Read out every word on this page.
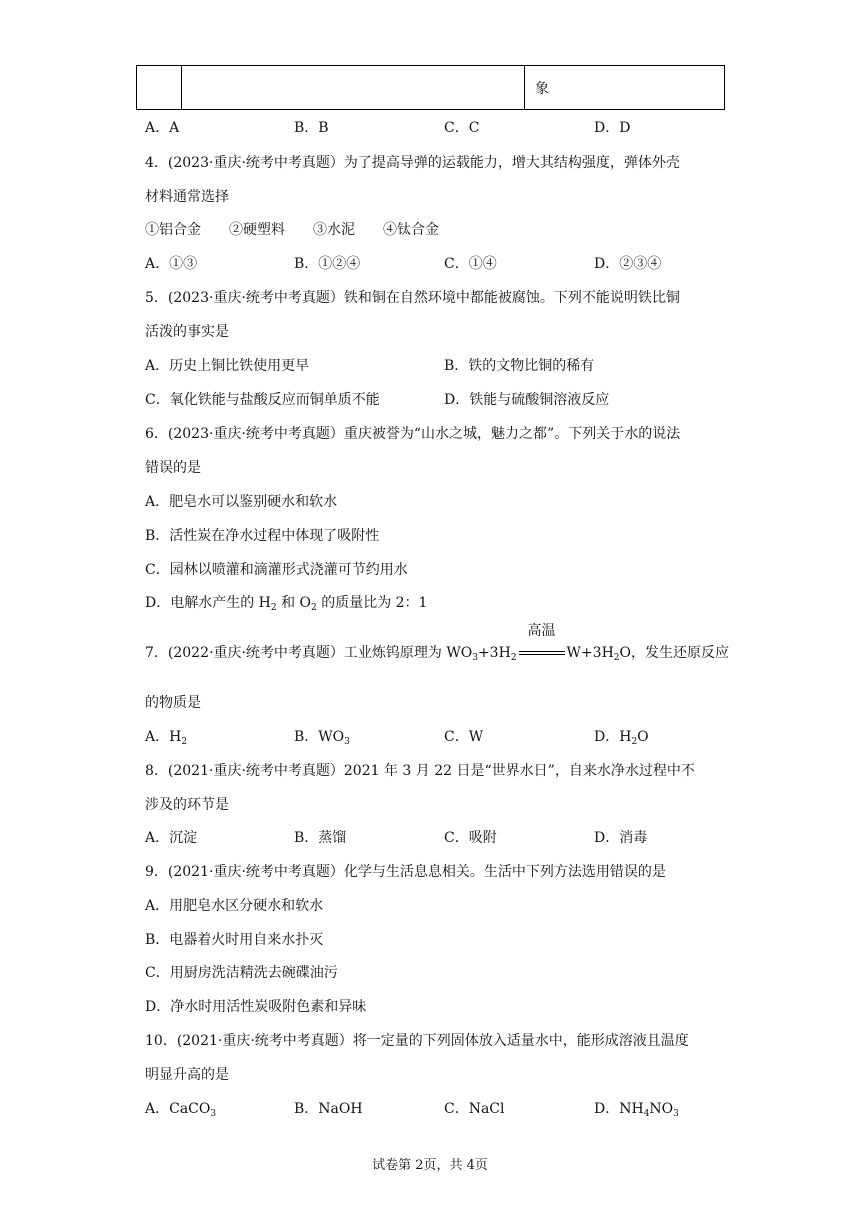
		象
A．A	B．B	C．C	D．D
4．(2023·重庆·统考中考真题）为了提高导弹的运载能力，增大其结构强度，弹体外壳
材料通常选择
①铝合金　　②硬塑料　　③水泥　　④钛合金
A．①③	B．①②④	C．①④	D．②③④
5．(2023·重庆·统考中考真题）铁和铜在自然环境中都能被腐蚀。下列不能说明铁比铜
活泼的事实是
A．历史上铜比铁使用更早	B．铁的文物比铜的稀有
C．氧化铁能与盐酸反应而铜单质不能	D．铁能与硫酸铜溶液反应
6．(2023·重庆·统考中考真题）重庆被誉为“山水之城，魅力之都”。下列关于水的说法
错误的是
A．肥皂水可以鉴别硬水和软水
B．活性炭在净水过程中体现了吸附性
C．园林以喷灌和滴灌形式浇灌可节约用水
D．电解水产生的 $H_2$ 和 $O_2$ 的质量比为 2：1
7．(2022·重庆·统考中考真题）工业炼钨原理为 $WO_3+3H_2$
高温
$W+3H_2O$，发生还原反应
的物质是
A．$H_2$	B．$WO_3$	C．W	D．$H_2O$
8．(2021·重庆·统考中考真题）2021 年 3 月 22 日是“世界水日”，自来水净水过程中不
涉及的环节是
A．沉淀	B．蒸馏	C．吸附	D．消毒
9．(2021·重庆·统考中考真题）化学与生活息息相关。生活中下列方法选用错误的是
A．用肥皂水区分硬水和软水
B．电器着火时用自来水扑灭
C．用厨房洗洁精洗去碗碟油污
D．净水时用活性炭吸附色素和异味
10．(2021·重庆·统考中考真题）将一定量的下列固体放入适量水中，能形成溶液且温度
明显升高的是
A．CaCO$_3$	B．NaOH	C．NaCl	D．$NH_4NO_3$
试卷第 2页，共 4页
